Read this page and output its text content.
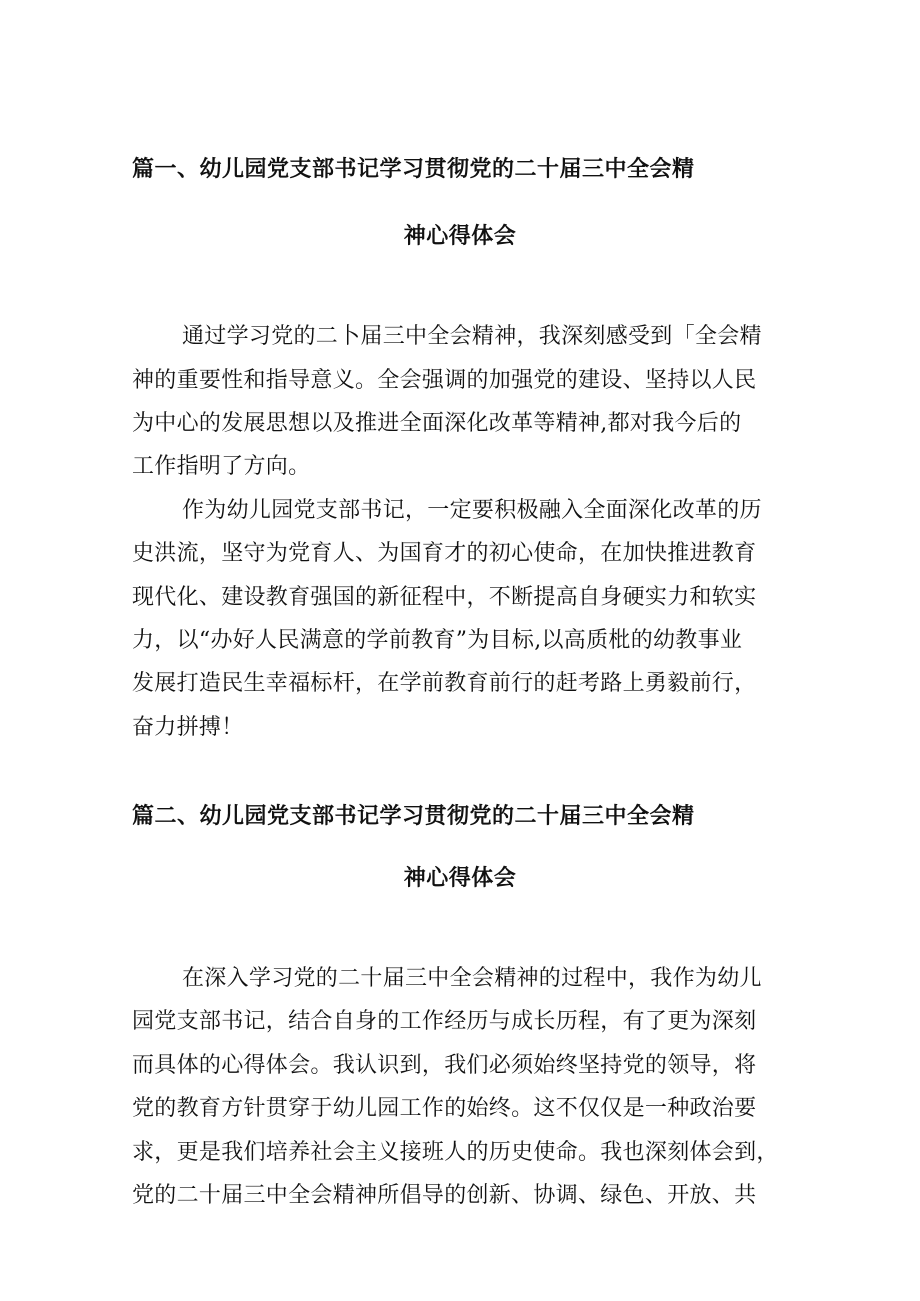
篇一、幼儿园党支部书记学习贯彻党的二十届三中全会精
神心得体会
通过学习党的二卜届三中全会精神，我深刻感受到「全会精
神的重要性和指导意义。全会强调的加强党的建设、坚持以人民
为中心的发展思想以及推进全面深化改革等精神,都对我今后的
工作指明了方向。
作为幼儿园党支部书记，一定要积极融入全面深化改革的历
史洪流，坚守为党育人、为国育才的初心使命，在加快推进教育
现代化、建设教育强国的新征程中，不断提高自身硬实力和软实
力，以“办好人民满意的学前教育”为目标,以高质枇的幼教事业
发展打造民生幸福标杆，在学前教育前行的赶考路上勇毅前行，
奋力拼搏！
篇二、幼儿园党支部书记学习贯彻党的二十届三中全会精
神心得体会
在深入学习党的二十届三中全会精神的过程中，我作为幼儿
园党支部书记，结合自身的工作经历与成长历程，有了更为深刻
而具体的心得体会。我认识到，我们必须始终坚持党的领导，将
党的教育方针贯穿于幼儿园工作的始终。这不仅仅是一种政治要
求，更是我们培养社会主义接班人的历史使命。我也深刻体会到，
党的二十届三中全会精神所倡导的创新、协调、绿色、开放、共
